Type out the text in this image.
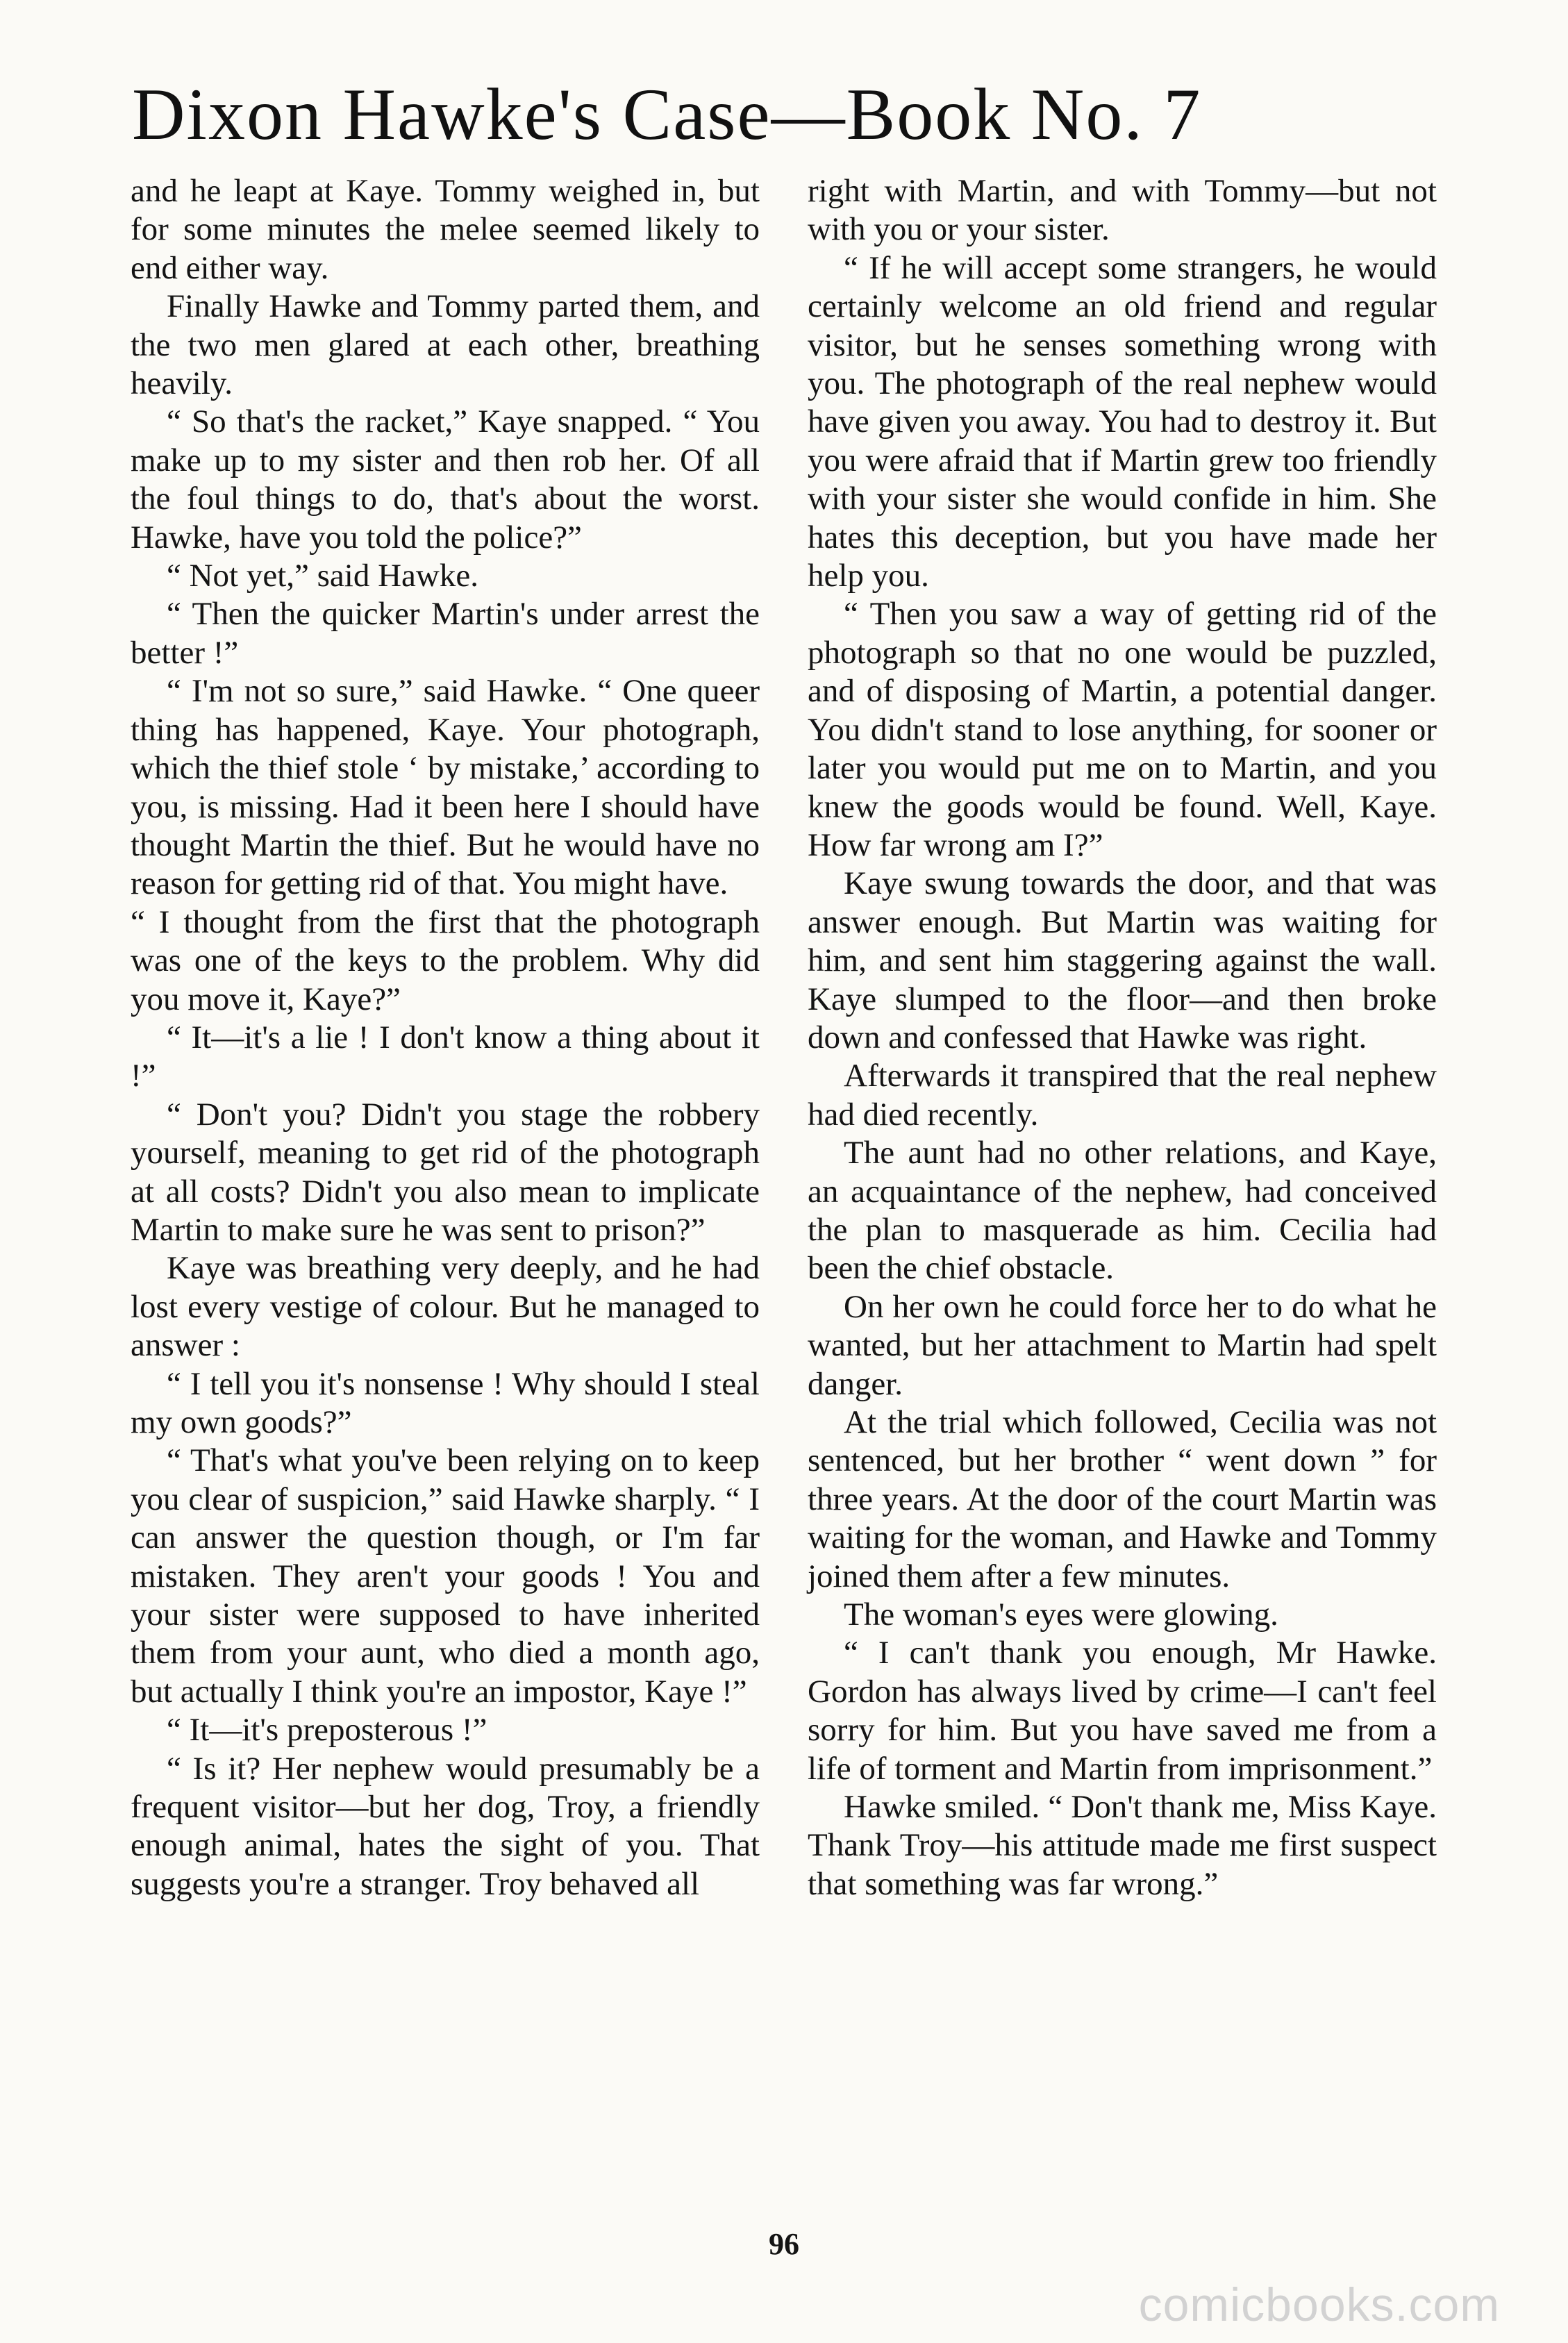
Dixon Hawke's Case—Book No. 7

and he leapt at Kaye. Tommy weighed in, but for some minutes the melee seemed likely to end either way.

Finally Hawke and Tommy parted them, and the two men glared at each other, breathing heavily.

“ So that's the racket,” Kaye snapped. “ You make up to my sister and then rob her. Of all the foul things to do, that's about the worst. Hawke, have you told the police?”

“ Not yet,” said Hawke.

“ Then the quicker Martin's under arrest the better !”

“ I'm not so sure,” said Hawke. “ One queer thing has happened, Kaye. Your photograph, which the thief stole ‘ by mistake,’ according to you, is missing. Had it been here I should have thought Martin the thief. But he would have no reason for getting rid of that. You might have.

“ I thought from the first that the photograph was one of the keys to the problem. Why did you move it, Kaye?”

“ It—it's a lie ! I don't know a thing about it !”

“ Don't you? Didn't you stage the robbery yourself, meaning to get rid of the photograph at all costs? Didn't you also mean to implicate Martin to make sure he was sent to prison?”

Kaye was breathing very deeply, and he had lost every vestige of colour. But he managed to answer :

“ I tell you it's nonsense ! Why should I steal my own goods?”

“ That's what you've been relying on to keep you clear of suspicion,” said Hawke sharply. “ I can answer the question though, or I'm far mistaken. They aren't your goods ! You and your sister were supposed to have inherited them from your aunt, who died a month ago, but actually I think you're an impostor, Kaye !”

“ It—it's preposterous !”

“ Is it? Her nephew would presumably be a frequent visitor—but her dog, Troy, a friendly enough animal, hates the sight of you. That suggests you're a stranger. Troy behaved all

right with Martin, and with Tommy—but not with you or your sister.

“ If he will accept some strangers, he would certainly welcome an old friend and regular visitor, but he senses something wrong with you. The photograph of the real nephew would have given you away. You had to destroy it. But you were afraid that if Martin grew too friendly with your sister she would confide in him. She hates this deception, but you have made her help you.

“ Then you saw a way of getting rid of the photograph so that no one would be puzzled, and of disposing of Martin, a potential danger. You didn't stand to lose anything, for sooner or later you would put me on to Martin, and you knew the goods would be found. Well, Kaye. How far wrong am I?”

Kaye swung towards the door, and that was answer enough. But Martin was waiting for him, and sent him staggering against the wall. Kaye slumped to the floor—and then broke down and confessed that Hawke was right.

Afterwards it transpired that the real nephew had died recently.

The aunt had no other relations, and Kaye, an acquaintance of the nephew, had conceived the plan to masquerade as him. Cecilia had been the chief obstacle.

On her own he could force her to do what he wanted, but her attachment to Martin had spelt danger.

At the trial which followed, Cecilia was not sentenced, but her brother “ went down ” for three years. At the door of the court Martin was waiting for the woman, and Hawke and Tommy joined them after a few minutes.

The woman's eyes were glowing.

“ I can't thank you enough, Mr Hawke. Gordon has always lived by crime—I can't feel sorry for him. But you have saved me from a life of torment and Martin from imprisonment.”

Hawke smiled. “ Don't thank me, Miss Kaye. Thank Troy—his attitude made me first suspect that something was far wrong.”

96
comicbooks.com
